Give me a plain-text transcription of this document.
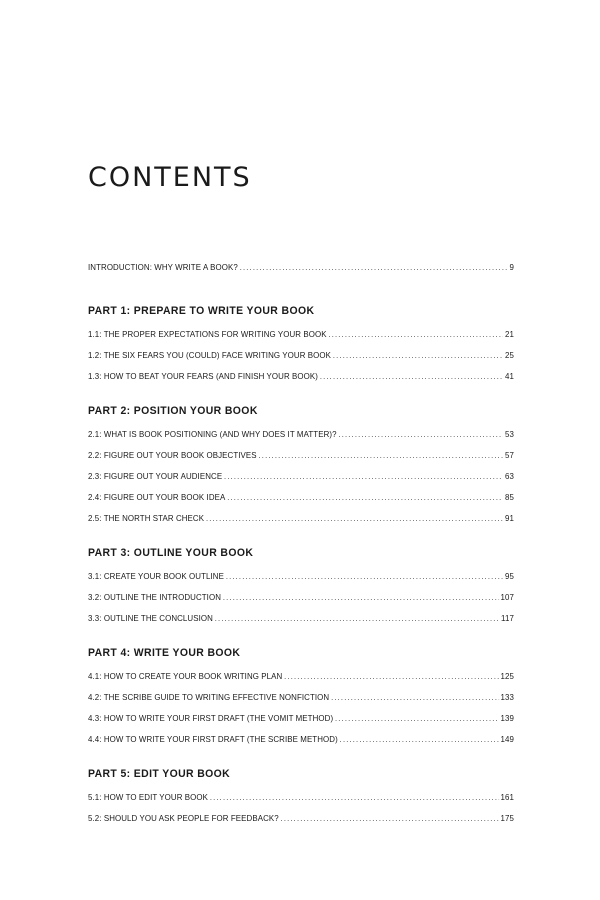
CONTENTS
INTRODUCTION: WHY WRITE A BOOK? .....	9
PART 1: PREPARE TO WRITE YOUR BOOK
1.1: THE PROPER EXPECTATIONS FOR WRITING YOUR BOOK .....	21
1.2: THE SIX FEARS YOU (COULD) FACE WRITING YOUR BOOK .....	25
1.3: HOW TO BEAT YOUR FEARS (AND FINISH YOUR BOOK) .....	41
PART 2: POSITION YOUR BOOK
2.1: WHAT IS BOOK POSITIONING (AND WHY DOES IT MATTER)? .....	53
2.2: FIGURE OUT YOUR BOOK OBJECTIVES .....	57
2.3: FIGURE OUT YOUR AUDIENCE .....	63
2.4: FIGURE OUT YOUR BOOK IDEA .....	85
2.5: THE NORTH STAR CHECK .....	91
PART 3: OUTLINE YOUR BOOK
3.1: CREATE YOUR BOOK OUTLINE .....	95
3.2: OUTLINE THE INTRODUCTION .....	107
3.3: OUTLINE THE CONCLUSION .....	117
PART 4: WRITE YOUR BOOK
4.1: HOW TO CREATE YOUR BOOK WRITING PLAN .....	125
4.2: THE SCRIBE GUIDE TO WRITING EFFECTIVE NONFICTION .....	133
4.3: HOW TO WRITE YOUR FIRST DRAFT (THE VOMIT METHOD) .....	139
4.4: HOW TO WRITE YOUR FIRST DRAFT (THE SCRIBE METHOD) .....	149
PART 5: EDIT YOUR BOOK
5.1: HOW TO EDIT YOUR BOOK .....	161
5.2: SHOULD YOU ASK PEOPLE FOR FEEDBACK? .....	175
